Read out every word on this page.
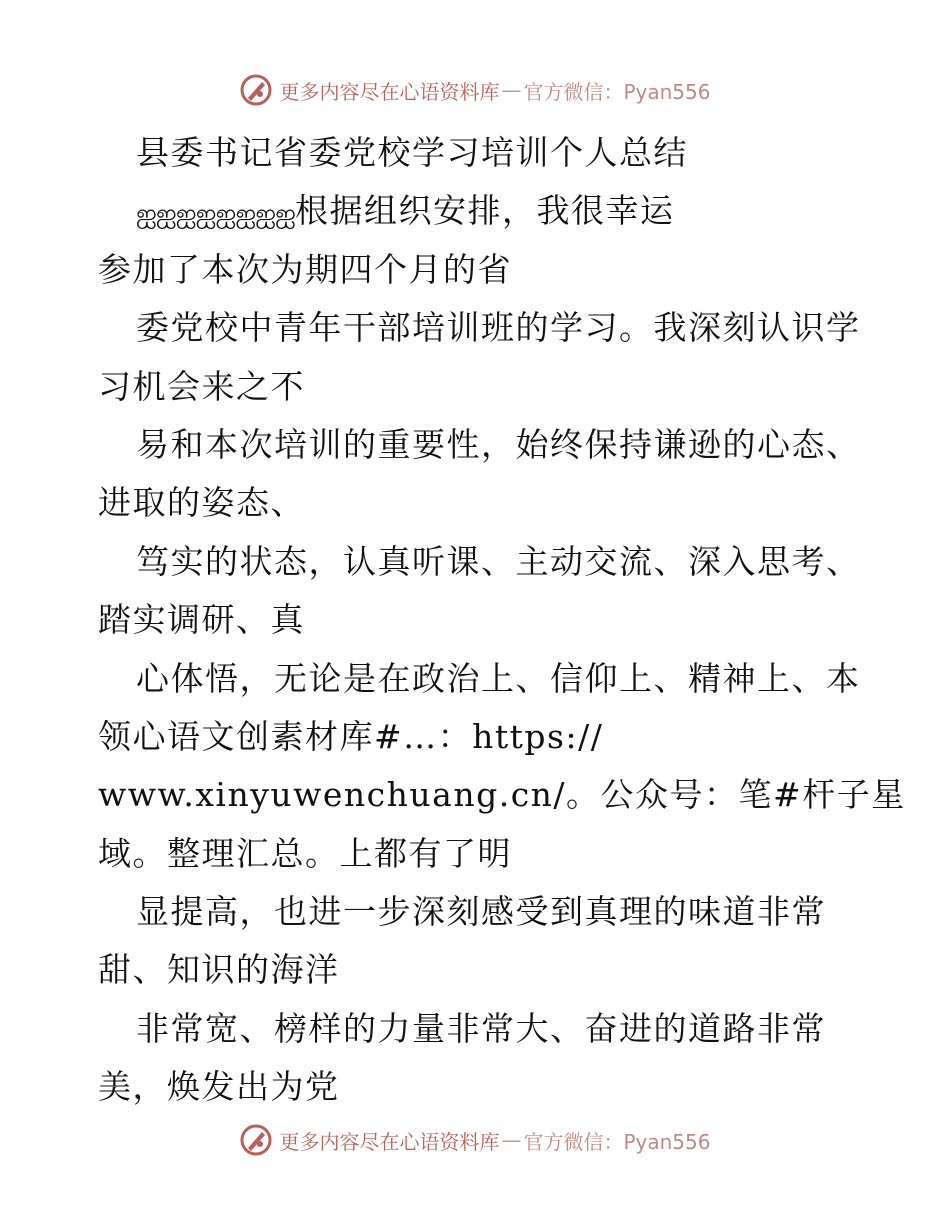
更多内容尽在心语资料库 — 官方微信：Pyan556
县委书记省委党校学习培训个人总结
ஐஐஐஐஐஐஐஐ根据组织安排，我很幸运
参加了本次为期四个月的省
委党校中青年干部培训班的学习。我深刻认识学
习机会来之不
易和本次培训的重要性，始终保持谦逊的心态、
进取的姿态、
笃实的状态，认真听课、主动交流、深入思考、
踏实调研、真
心体悟，无论是在政治上、信仰上、精神上、本
领心语文创素材库#…：https://
www.xinyuwenchuang.cn/。公众号：笔#杆子星
域。整理汇总。上都有了明
显提高，也进一步深刻感受到真理的味道非常
甜、知识的海洋
非常宽、榜样的力量非常大、奋进的道路非常
美，焕发出为党
更多内容尽在心语资料库 — 官方微信：Pyan556
